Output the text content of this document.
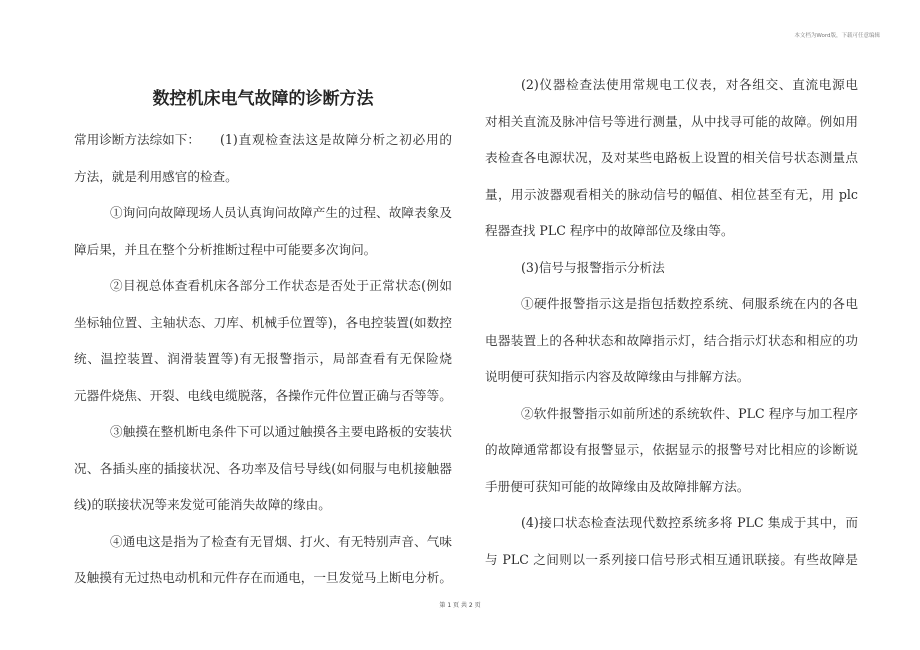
本文档为Word版，下载可任意编辑
数控机床电气故障的诊断方法
常用诊断方法综如下： (1)直观检查法这是故障分析之初必用的
方法，就是利用感官的检查。
①询问向故障现场人员认真询问故障产生的过程、故障表象及
障后果，并且在整个分析推断过程中可能要多次询问。
②目视总体查看机床各部分工作状态是否处于正常状态(例如
坐标轴位置、主轴状态、刀库、机械手位置等)，各电控装置(如数控
统、温控装置、润滑装置等)有无报警指示，局部查看有无保险烧
元器件烧焦、开裂、电线电缆脱落，各操作元件位置正确与否等等。
③触摸在整机断电条件下可以通过触摸各主要电路板的安装状
况、各插头座的插接状况、各功率及信号导线(如伺服与电机接触器
线)的联接状况等来发觉可能消失故障的缘由。
④通电这是指为了检查有无冒烟、打火、有无特别声音、气味
及触摸有无过热电动机和元件存在而通电，一旦发觉马上断电分析。
(2)仪器检查法使用常规电工仪表，对各组交、直流电源电
对相关直流及脉冲信号等进行测量，从中找寻可能的故障。例如用
表检查各电源状况，及对某些电路板上设置的相关信号状态测量点
量，用示波器观看相关的脉动信号的幅值、相位甚至有无，用 plc
程器查找 PLC 程序中的故障部位及缘由等。
(3)信号与报警指示分析法
①硬件报警指示这是指包括数控系统、伺服系统在内的各电
电器装置上的各种状态和故障指示灯，结合指示灯状态和相应的功
说明便可获知指示内容及故障缘由与排解方法。
②软件报警指示如前所述的系统软件、PLC 程序与加工程序
的故障通常都设有报警显示，依据显示的报警号对比相应的诊断说
手册便可获知可能的故障缘由及故障排解方法。
(4)接口状态检查法现代数控系统多将 PLC 集成于其中，而
与 PLC 之间则以一系列接口信号形式相互通讯联接。有些故障是
第 1 页 共 2 页
